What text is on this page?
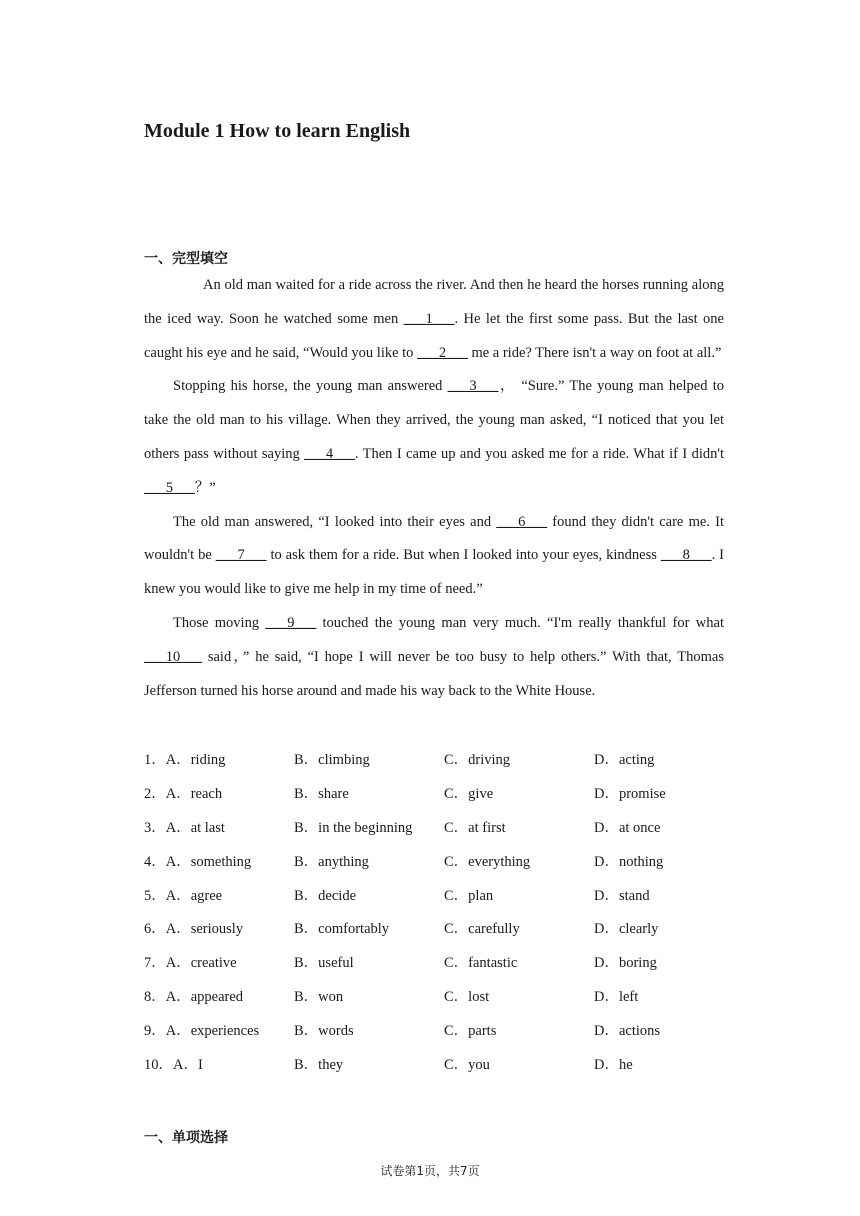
Module 1 How to learn English
一、完型填空

An old man waited for a ride across the river. And then he heard the horses running along the iced way. Soon he watched some men ___1___. He let the first some pass. But the last one caught his eye and he said, “Would you like to ___2___ me a ride? There isn't a way on foot at all.”

Stopping his horse, the young man answered ___3___， “Sure.” The young man helped to take the old man to his village. When they arrived, the young man asked, “I noticed that you let others pass without saying ___4___. Then I came up and you asked me for a ride. What if I didn't ___5___？”

The old man answered, “I looked into their eyes and ___6___ found they didn't care me. It wouldn't be ___7___ to ask them for a ride. But when I looked into your eyes, kindness ___8___. I knew you would like to give me help in my time of need.”

Those moving ___9___ touched the young man very much. “I'm really thankful for what ___10___ said，” he said, “I hope I will never be too busy to help others.” With that, Thomas Jefferson turned his horse around and made his way back to the White House.

1．A．riding	B．climbing	C．driving	D．acting
2．A．reach	B．share	C．give	D．promise
3．A．at last	B．in the beginning	C．at first	D．at once
4．A．something	B．anything	C．everything	D．nothing
5．A．agree	B．decide	C．plan	D．stand
6．A．seriously	B．comfortably	C．carefully	D．clearly
7．A．creative	B．useful	C．fantastic	D．boring
8．A．appeared	B．won	C．lost	D．left
9．A．experiences	B．words	C．parts	D．actions
10．A．I	B．they	C．you	D．he
一、单项选择
试卷第1页，共7页
